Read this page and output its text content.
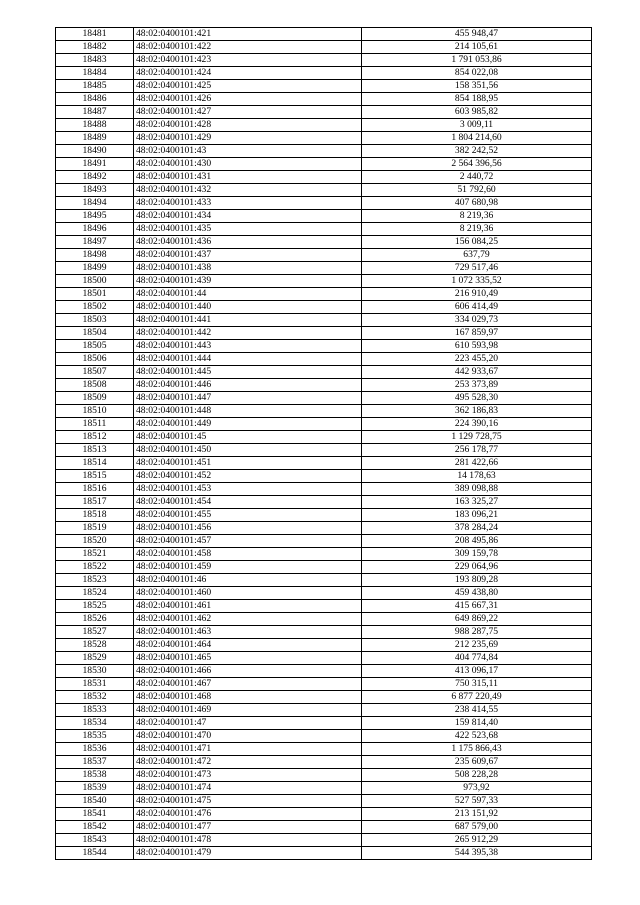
18481	48:02:0400101:421	455 948,47
18482	48:02:0400101:422	214 105,61
18483	48:02:0400101:423	1 791 053,86
18484	48:02:0400101:424	854 022,08
18485	48:02:0400101:425	158 351,56
18486	48:02:0400101:426	854 188,95
18487	48:02:0400101:427	603 985,82
18488	48:02:0400101:428	3 009,11
18489	48:02:0400101:429	1 804 214,60
18490	48:02:0400101:43	382 242,52
18491	48:02:0400101:430	2 564 396,56
18492	48:02:0400101:431	2 440,72
18493	48:02:0400101:432	51 792,60
18494	48:02:0400101:433	407 680,98
18495	48:02:0400101:434	8 219,36
18496	48:02:0400101:435	8 219,36
18497	48:02:0400101:436	156 084,25
18498	48:02:0400101:437	637,79
18499	48:02:0400101:438	729 517,46
18500	48:02:0400101:439	1 072 335,52
18501	48:02:0400101:44	216 910,49
18502	48:02:0400101:440	606 414,49
18503	48:02:0400101:441	334 029,73
18504	48:02:0400101:442	167 859,97
18505	48:02:0400101:443	610 593,98
18506	48:02:0400101:444	223 455,20
18507	48:02:0400101:445	442 933,67
18508	48:02:0400101:446	253 373,89
18509	48:02:0400101:447	495 528,30
18510	48:02:0400101:448	362 186,83
18511	48:02:0400101:449	224 390,16
18512	48:02:0400101:45	1 129 728,75
18513	48:02:0400101:450	256 178,77
18514	48:02:0400101:451	281 422,66
18515	48:02:0400101:452	14 178,63
18516	48:02:0400101:453	389 098,88
18517	48:02:0400101:454	163 325,27
18518	48:02:0400101:455	183 096,21
18519	48:02:0400101:456	378 284,24
18520	48:02:0400101:457	208 495,86
18521	48:02:0400101:458	309 159,78
18522	48:02:0400101:459	229 064,96
18523	48:02:0400101:46	193 809,28
18524	48:02:0400101:460	459 438,80
18525	48:02:0400101:461	415 667,31
18526	48:02:0400101:462	649 869,22
18527	48:02:0400101:463	988 287,75
18528	48:02:0400101:464	212 235,69
18529	48:02:0400101:465	404 774,84
18530	48:02:0400101:466	413 096,17
18531	48:02:0400101:467	750 315,11
18532	48:02:0400101:468	6 877 220,49
18533	48:02:0400101:469	238 414,55
18534	48:02:0400101:47	159 814,40
18535	48:02:0400101:470	422 523,68
18536	48:02:0400101:471	1 175 866,43
18537	48:02:0400101:472	235 609,67
18538	48:02:0400101:473	508 228,28
18539	48:02:0400101:474	973,92
18540	48:02:0400101:475	527 597,33
18541	48:02:0400101:476	213 151,92
18542	48:02:0400101:477	687 579,00
18543	48:02:0400101:478	265 912,29
18544	48:02:0400101:479	544 395,38
